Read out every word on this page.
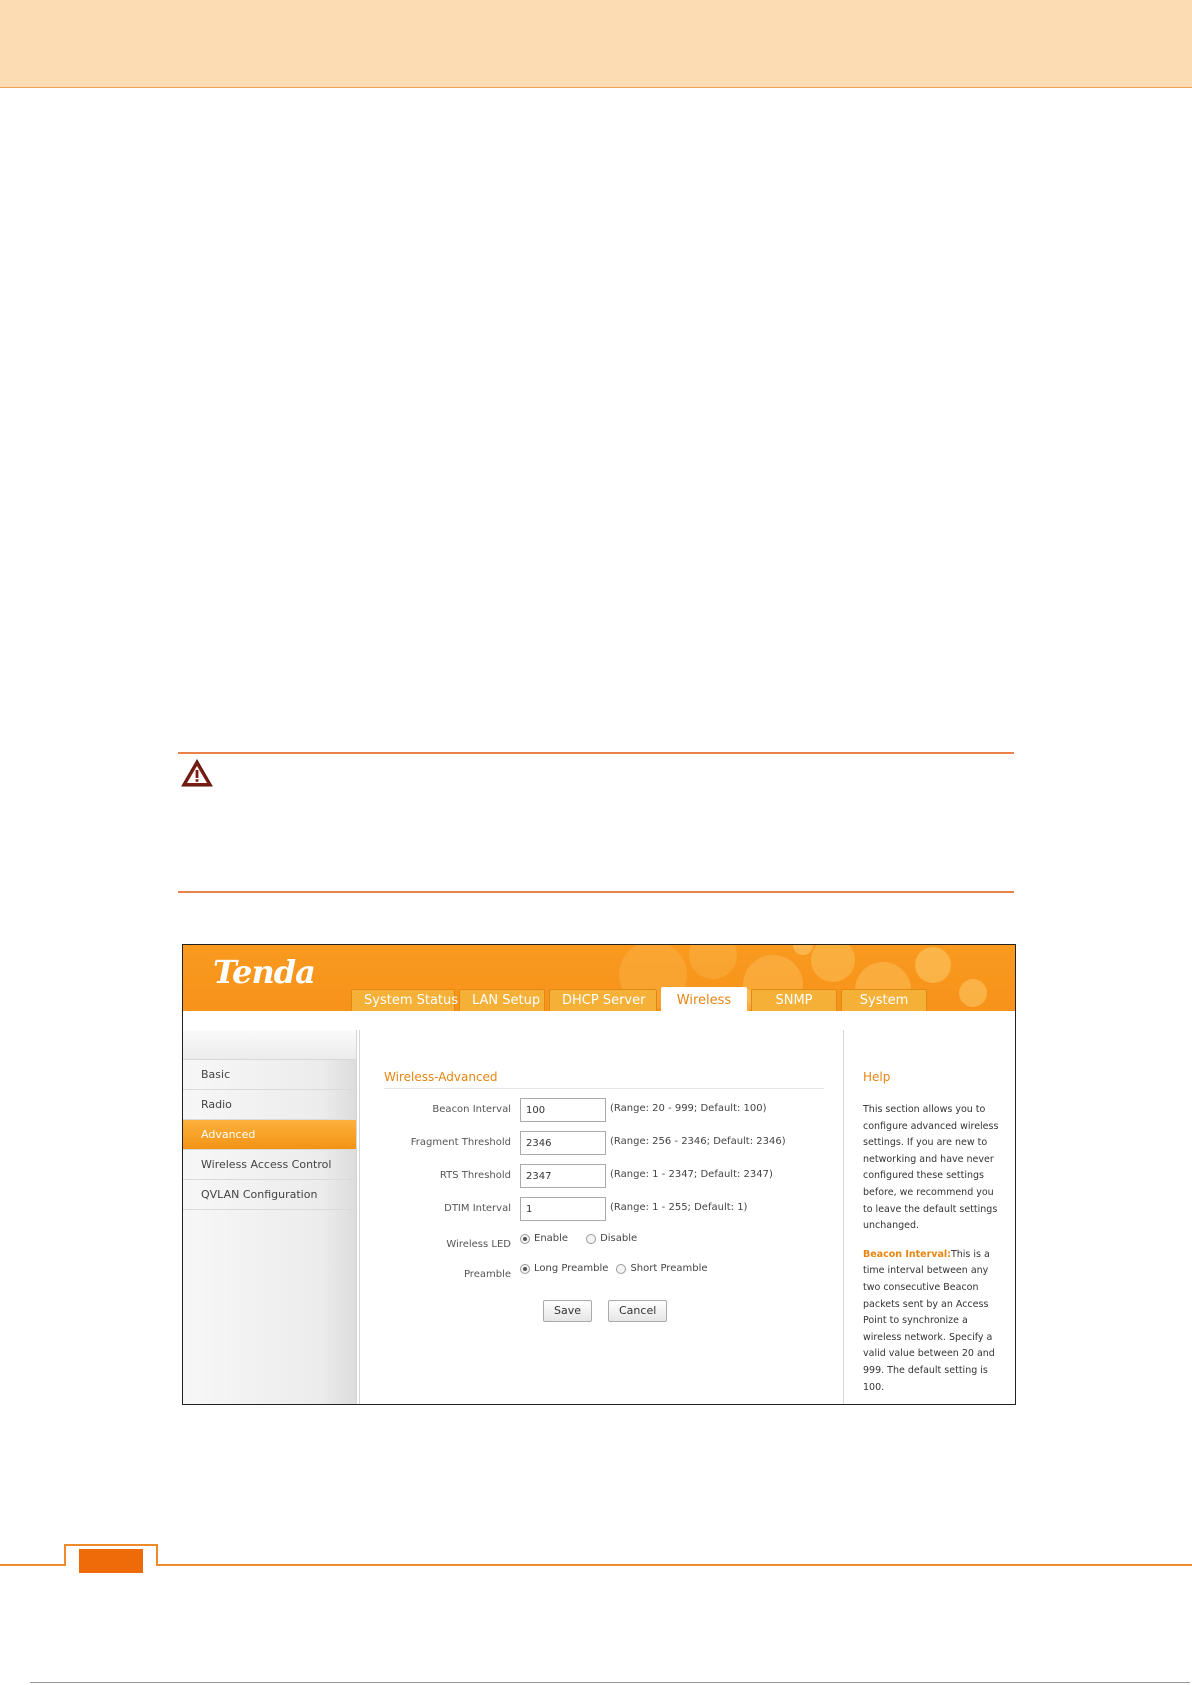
Tenda
System Status	LAN Setup	DHCP Server	Wireless	SNMP	System
Basic
Radio
Advanced
Wireless Access Control
QVLAN Configuration
Wireless-Advanced
Beacon Interval
100	(Range: 20 - 999; Default: 100)
Fragment Threshold
2346	(Range: 256 - 2346; Default: 2346)
RTS Threshold
2347	(Range: 1 - 2347; Default: 2347)
DTIM Interval
1	(Range: 1 - 255; Default: 1)
Wireless LED
Enable	Disable
Preamble
Long Preamble Short Preamble
Save	Cancel
Help

This section allows you to configure advanced wireless settings. If you are new to networking and have never configured these settings before, we recommend you to leave the default settings unchanged.

Beacon Interval:This is a time interval between any two consecutive Beacon packets sent by an Access Point to synchronize a wireless network. Specify a valid value between 20 and 999. The default setting is 100.
